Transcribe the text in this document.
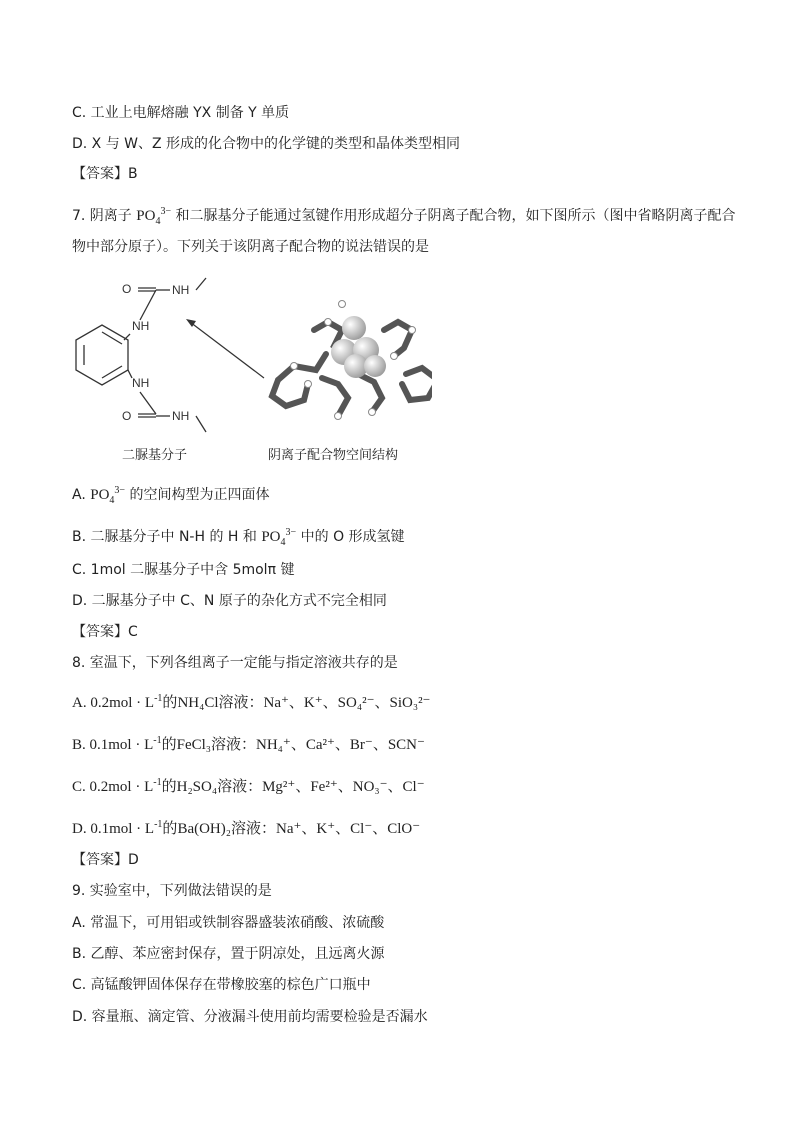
C. 工业上电解熔融 YX 制备 Y 单质
D. X 与 W、Z 形成的化合物中的化学键的类型和晶体类型相同
【答案】B
7. 阴离子 $PO_4^{3-}$ 和二脲基分子能通过氢键作用形成超分子阴离子配合物，如下图所示（图中省略阴离子配合
物中部分原子）。下列关于该阴离子配合物的说法错误的是
O	NH
NH
NH
O	NH
二脲基分子	阴离子配合物空间结构
A. $PO_4^{3-}$ 的空间构型为正四面体
B. 二脲基分子中 N-H 的 H 和 $PO_4^{3-}$ 中的 O 形成氢键
C. 1mol 二脲基分子中含 5molπ 键
D. 二脲基分子中 C、N 原子的杂化方式不完全相同
【答案】C
8. 室温下，下列各组离子一定能与指定溶液共存的是
A. $0.2mol \cdot L^{-1}$的NH₄Cl溶液：Na⁺、K⁺、SO₄²⁻、SiO₃²⁻
B. $0.1mol \cdot L^{-1}$的FeCl₃溶液：NH₄⁺、Ca²⁺、Br⁻、SCN⁻
C. $0.2mol \cdot L^{-1}$的H₂SO₄溶液：Mg²⁺、Fe²⁺、NO₃⁻、Cl⁻
D. $0.1mol \cdot L^{-1}$的Ba(OH)₂溶液：Na⁺、K⁺、Cl⁻、ClO⁻
【答案】D
9. 实验室中，下列做法错误的是
A. 常温下，可用铝或铁制容器盛装浓硝酸、浓硫酸
B. 乙醇、苯应密封保存，置于阴凉处，且远离火源
C. 高锰酸钾固体保存在带橡胶塞的棕色广口瓶中
D. 容量瓶、滴定管、分液漏斗使用前均需要检验是否漏水
